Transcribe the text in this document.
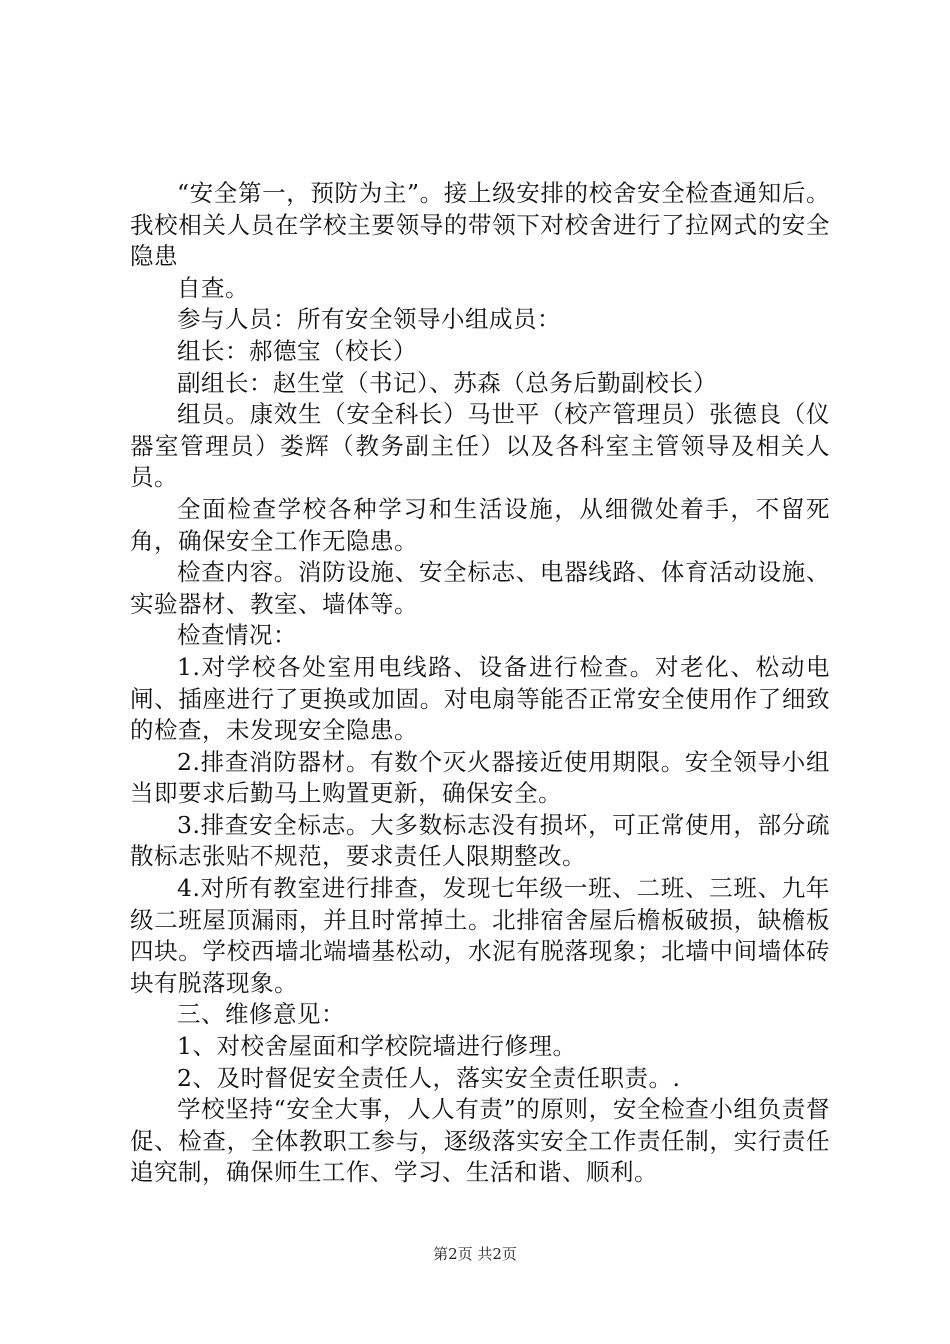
“安全第一，预防为主”。接上级安排的校舍安全检查通知后。我校相关人员在学校主要领导的带领下对校舍进行了拉网式的安全隐患

自查。

参与人员：所有安全领导小组成员：

组长：郝德宝（校长）

副组长：赵生堂（书记）、苏森（总务后勤副校长）

组员。康效生（安全科长）马世平（校产管理员）张德良（仪器室管理员）娄辉（教务副主任）以及各科室主管领导及相关人员。

全面检查学校各种学习和生活设施，从细微处着手，不留死角，确保安全工作无隐患。

检查内容。消防设施、安全标志、电器线路、体育活动设施、实验器材、教室、墙体等。

检查情况：

1.对学校各处室用电线路、设备进行检查。对老化、松动电闸、插座进行了更换或加固。对电扇等能否正常安全使用作了细致的检查，未发现安全隐患。

2.排查消防器材。有数个灭火器接近使用期限。安全领导小组当即要求后勤马上购置更新，确保安全。

3.排查安全标志。大多数标志没有损坏，可正常使用，部分疏散标志张贴不规范，要求责任人限期整改。

4.对所有教室进行排查，发现七年级一班、二班、三班、九年级二班屋顶漏雨，并且时常掉土。北排宿舍屋后檐板破损，缺檐板四块。学校西墙北端墙基松动，水泥有脱落现象；北墙中间墙体砖块有脱落现象。

三、维修意见：

1、对校舍屋面和学校院墙进行修理。

2、及时督促安全责任人，落实安全责任职责。.

学校坚持“安全大事，人人有责”的原则，安全检查小组负责督促、检查，全体教职工参与，逐级落实安全工作责任制，实行责任追究制，确保师生工作、学习、生活和谐、顺利。

第2页 共2页
